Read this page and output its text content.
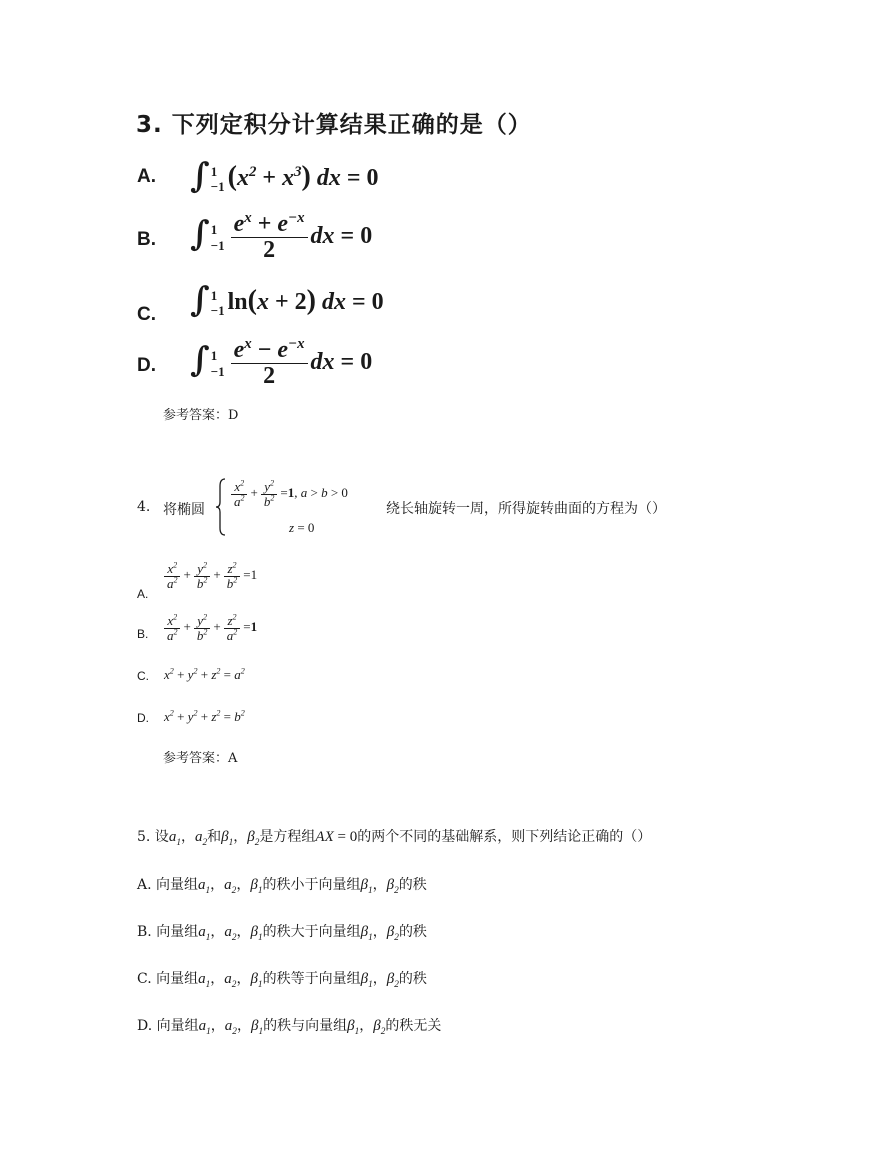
3. 下列定积分计算结果正确的是（）
A. ∫ 1
−1 $(x^2 + x^3)$ dx = 0
B. ∫ 1
$-1 \frac{e^x + e^{-x}}{2}$ dx = 0
C. ∫ 1
−1 ln(x + 2) dx = 0
D. ∫ 1
$-1 \frac{e^x - e^{-x}}{2}$ dx = 0
参考答案：D
4. 将椭圆
$\frac{x^2}{a^2} + \frac{y^2}{b^2} =1$, a > b > 0
z = 0
绕长轴旋转一周，所得旋转曲面的方程为（）
A.
$\frac{x^2}{a^2} + \frac{y^2}{b^2} + \frac{z^2}{b^2} =1$
B. $\frac{x^2}{a^2} + \frac{y^2}{b^2} + \frac{z^2}{a^2} =1$
C. $x^2 + y^2 + z^2 = a^2$
D. $x^2 + y^2 + z^2 = b^2$
参考答案：A
5. 设$a_1$，$a_2$和$\beta_1$，$\beta_2$是方程组AX = 0的两个不同的基础解系，则下列结论正确的（）
A. 向量组$a_1$，$a_2$，$\beta_1$的秩小于向量组$\beta_1$，$\beta_2$的秩
B. 向量组$a_1$，$a_2$，$\beta_1$的秩大于向量组$\beta_1$，$\beta_2$的秩
C. 向量组$a_1$，$a_2$，$\beta_1$的秩等于向量组$\beta_1$，$\beta_2$的秩
D. 向量组$a_1$，$a_2$，$\beta_1$的秩与向量组$\beta_1$，$\beta_2$的秩无关
